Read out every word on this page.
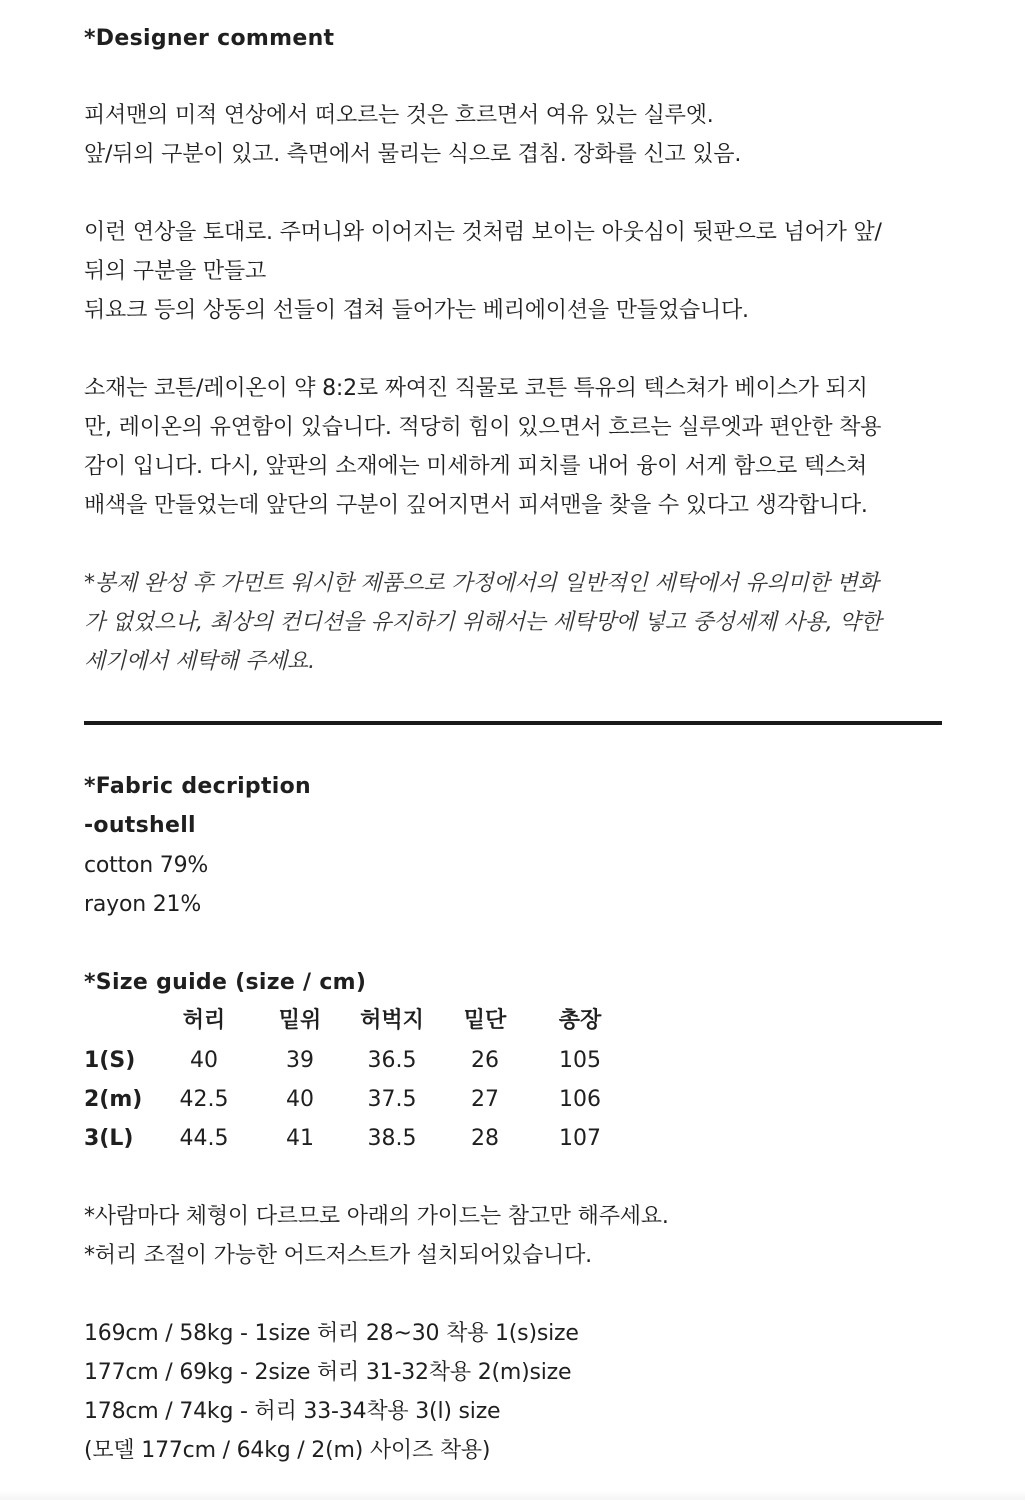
*Designer comment
피셔맨의 미적 연상에서 떠오르는 것은 흐르면서 여유 있는 실루엣.
앞/뒤의 구분이 있고. 측면에서 물리는 식으로 겹침. 장화를 신고 있음.
이런 연상을 토대로. 주머니와 이어지는 것처럼 보이는 아웃심이 뒷판으로 넘어가 앞/
뒤의 구분을 만들고
뒤요크 등의 상동의 선들이 겹쳐 들어가는 베리에이션을 만들었습니다.
소재는 코튼/레이온이 약 8:2로 짜여진 직물로 코튼 특유의 텍스쳐가 베이스가 되지
만, 레이온의 유연함이 있습니다. 적당히 힘이 있으면서 흐르는 실루엣과 편안한 착용
감이 입니다. 다시, 앞판의 소재에는 미세하게 피치를 내어 융이 서게 함으로 텍스쳐
배색을 만들었는데 앞단의 구분이 깊어지면서 피셔맨을 찾을 수 있다고 생각합니다.
*봉제 완성 후 가먼트 워시한 제품으로 가정에서의 일반적인 세탁에서 유의미한 변화
가 없었으나, 최상의 컨디션을 유지하기 위해서는 세탁망에 넣고 중성세제 사용, 약한
세기에서 세탁해 주세요.
*Fabric decription
-outshell
cotton 79%
rayon 21%
*Size guide (size / cm)
허리 밑위 허벅지 밑단 총장
1(S) 40	39 36.5 26	105
2(m) 42.5	40 37.5 27	106
3(L) 44.5	41 38.5 28	107
*사람마다 체형이 다르므로 아래의 가이드는 참고만 해주세요.
*허리 조절이 가능한 어드저스트가 설치되어있습니다.
169cm / 58kg - 1size 허리 28~30 착용 1(s)size
177cm / 69kg - 2size 허리 31-32착용 2(m)size
178cm / 74kg - 허리 33-34착용 3(l) size
(모델 177cm / 64kg / 2(m) 사이즈 착용)
